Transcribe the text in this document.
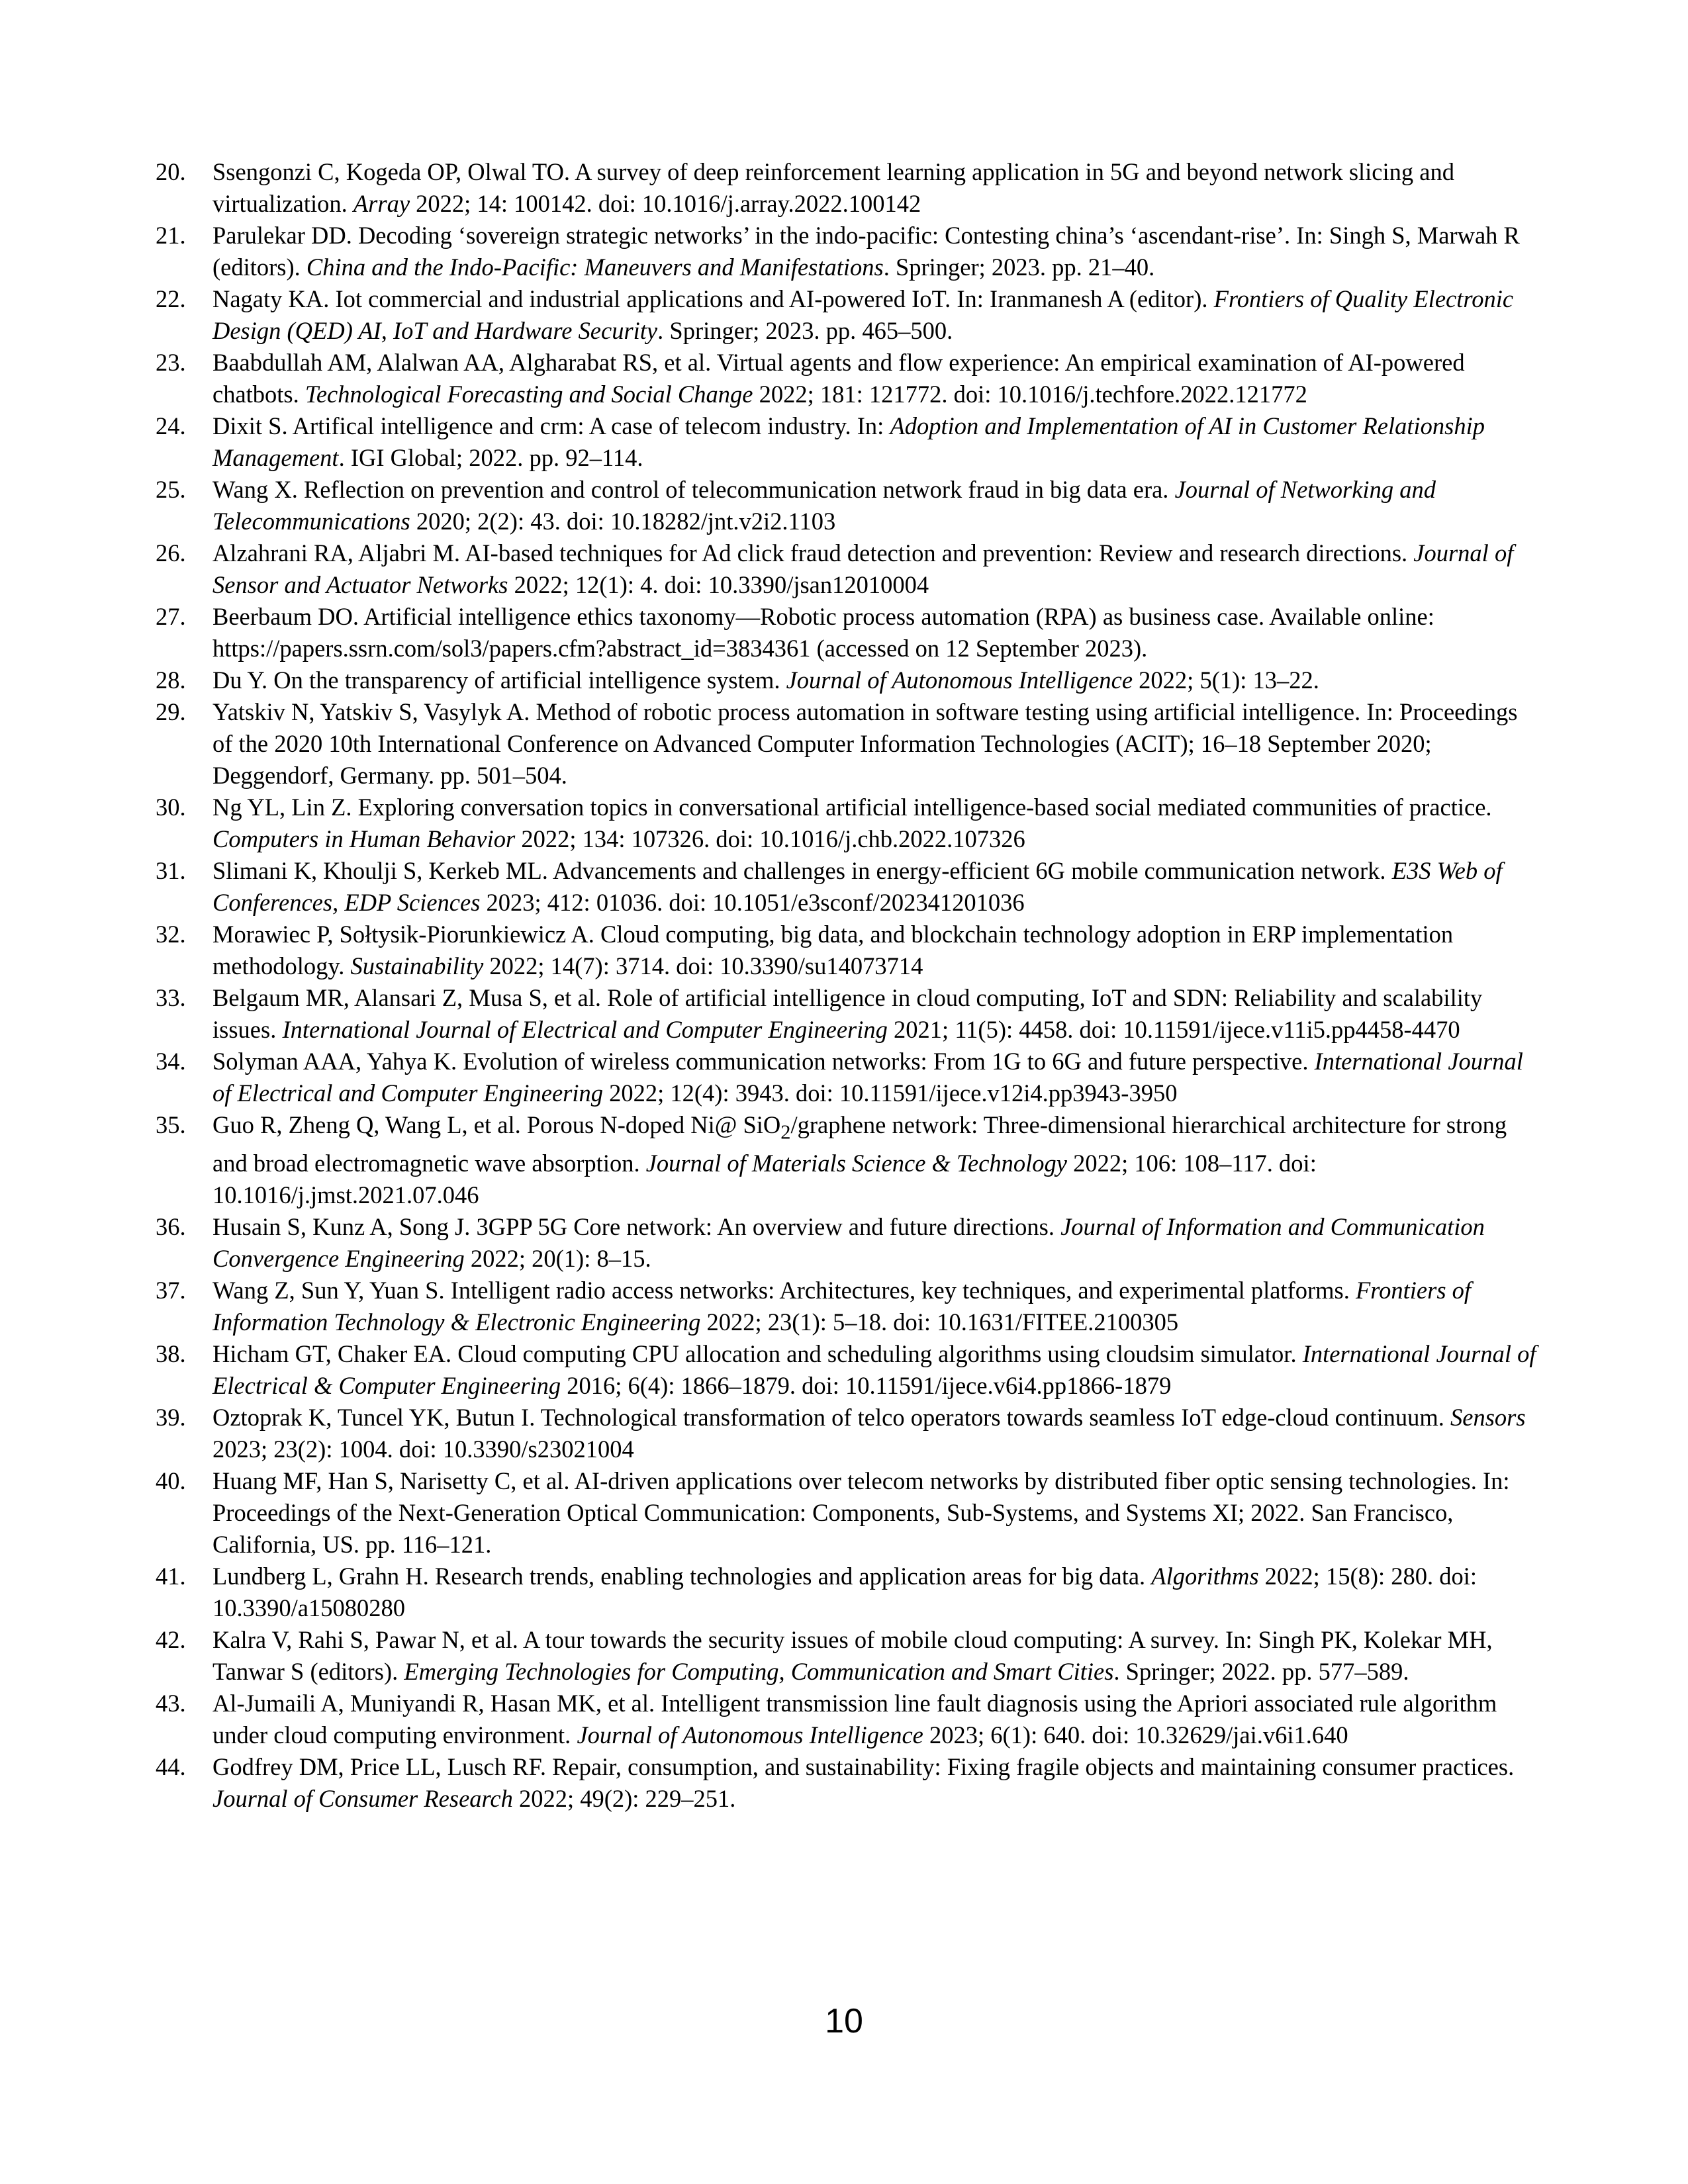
20. Ssengonzi C, Kogeda OP, Olwal TO. A survey of deep reinforcement learning application in 5G and beyond network slicing and virtualization. Array 2022; 14: 100142. doi: 10.1016/j.array.2022.100142
21. Parulekar DD. Decoding ‘sovereign strategic networks’ in the indo-pacific: Contesting china’s ‘ascendant-rise’. In: Singh S, Marwah R (editors). China and the Indo-Pacific: Maneuvers and Manifestations. Springer; 2023. pp. 21–40.
22. Nagaty KA. Iot commercial and industrial applications and AI-powered IoT. In: Iranmanesh A (editor). Frontiers of Quality Electronic Design (QED) AI, IoT and Hardware Security. Springer; 2023. pp. 465–500.
23. Baabdullah AM, Alalwan AA, Algharabat RS, et al. Virtual agents and flow experience: An empirical examination of AI-powered chatbots. Technological Forecasting and Social Change 2022; 181: 121772. doi: 10.1016/j.techfore.2022.121772
24. Dixit S. Artifical intelligence and crm: A case of telecom industry. In: Adoption and Implementation of AI in Customer Relationship Management. IGI Global; 2022. pp. 92–114.
25. Wang X. Reflection on prevention and control of telecommunication network fraud in big data era. Journal of Networking and Telecommunications 2020; 2(2): 43. doi: 10.18282/jnt.v2i2.1103
26. Alzahrani RA, Aljabri M. AI-based techniques for Ad click fraud detection and prevention: Review and research directions. Journal of Sensor and Actuator Networks 2022; 12(1): 4. doi: 10.3390/jsan12010004
27. Beerbaum DO. Artificial intelligence ethics taxonomy—Robotic process automation (RPA) as business case. Available online: https://papers.ssrn.com/sol3/papers.cfm?abstract_id=3834361 (accessed on 12 September 2023).
28. Du Y. On the transparency of artificial intelligence system. Journal of Autonomous Intelligence 2022; 5(1): 13–22.
29. Yatskiv N, Yatskiv S, Vasylyk A. Method of robotic process automation in software testing using artificial intelligence. In: Proceedings of the 2020 10th International Conference on Advanced Computer Information Technologies (ACIT); 16–18 September 2020; Deggendorf, Germany. pp. 501–504.
30. Ng YL, Lin Z. Exploring conversation topics in conversational artificial intelligence-based social mediated communities of practice. Computers in Human Behavior 2022; 134: 107326. doi: 10.1016/j.chb.2022.107326
31. Slimani K, Khoulji S, Kerkeb ML. Advancements and challenges in energy-efficient 6G mobile communication network. E3S Web of Conferences, EDP Sciences 2023; 412: 01036. doi: 10.1051/e3sconf/202341201036
32. Morawiec P, Sołtysik-Piorunkiewicz A. Cloud computing, big data, and blockchain technology adoption in ERP implementation methodology. Sustainability 2022; 14(7): 3714. doi: 10.3390/su14073714
33. Belgaum MR, Alansari Z, Musa S, et al. Role of artificial intelligence in cloud computing, IoT and SDN: Reliability and scalability issues. International Journal of Electrical and Computer Engineering 2021; 11(5): 4458. doi: 10.11591/ijece.v11i5.pp4458-4470
34. Solyman AAA, Yahya K. Evolution of wireless communication networks: From 1G to 6G and future perspective. International Journal of Electrical and Computer Engineering 2022; 12(4): 3943. doi: 10.11591/ijece.v12i4.pp3943-3950
35. Guo R, Zheng Q, Wang L, et al. Porous N-doped Ni@ SiO$_2$/graphene network: Three-dimensional hierarchical architecture for strong and broad electromagnetic wave absorption. Journal of Materials Science & Technology 2022; 106: 108–117. doi: 10.1016/j.jmst.2021.07.046
36. Husain S, Kunz A, Song J. 3GPP 5G Core network: An overview and future directions. Journal of Information and Communication Convergence Engineering 2022; 20(1): 8–15.
37. Wang Z, Sun Y, Yuan S. Intelligent radio access networks: Architectures, key techniques, and experimental platforms. Frontiers of Information Technology & Electronic Engineering 2022; 23(1): 5–18. doi: 10.1631/FITEE.2100305
38. Hicham GT, Chaker EA. Cloud computing CPU allocation and scheduling algorithms using cloudsim simulator. International Journal of Electrical & Computer Engineering 2016; 6(4): 1866–1879. doi: 10.11591/ijece.v6i4.pp1866-1879
39. Oztoprak K, Tuncel YK, Butun I. Technological transformation of telco operators towards seamless IoT edge-cloud continuum. Sensors 2023; 23(2): 1004. doi: 10.3390/s23021004
40. Huang MF, Han S, Narisetty C, et al. AI-driven applications over telecom networks by distributed fiber optic sensing technologies. In: Proceedings of the Next-Generation Optical Communication: Components, Sub-Systems, and Systems XI; 2022. San Francisco, California, US. pp. 116–121.
41. Lundberg L, Grahn H. Research trends, enabling technologies and application areas for big data. Algorithms 2022; 15(8): 280. doi: 10.3390/a15080280
42. Kalra V, Rahi S, Pawar N, et al. A tour towards the security issues of mobile cloud computing: A survey. In: Singh PK, Kolekar MH, Tanwar S (editors). Emerging Technologies for Computing, Communication and Smart Cities. Springer; 2022. pp. 577–589.
43. Al-Jumaili A, Muniyandi R, Hasan MK, et al. Intelligent transmission line fault diagnosis using the Apriori associated rule algorithm under cloud computing environment. Journal of Autonomous Intelligence 2023; 6(1): 640. doi: 10.32629/jai.v6i1.640
44. Godfrey DM, Price LL, Lusch RF. Repair, consumption, and sustainability: Fixing fragile objects and maintaining consumer practices. Journal of Consumer Research 2022; 49(2): 229–251.
10
